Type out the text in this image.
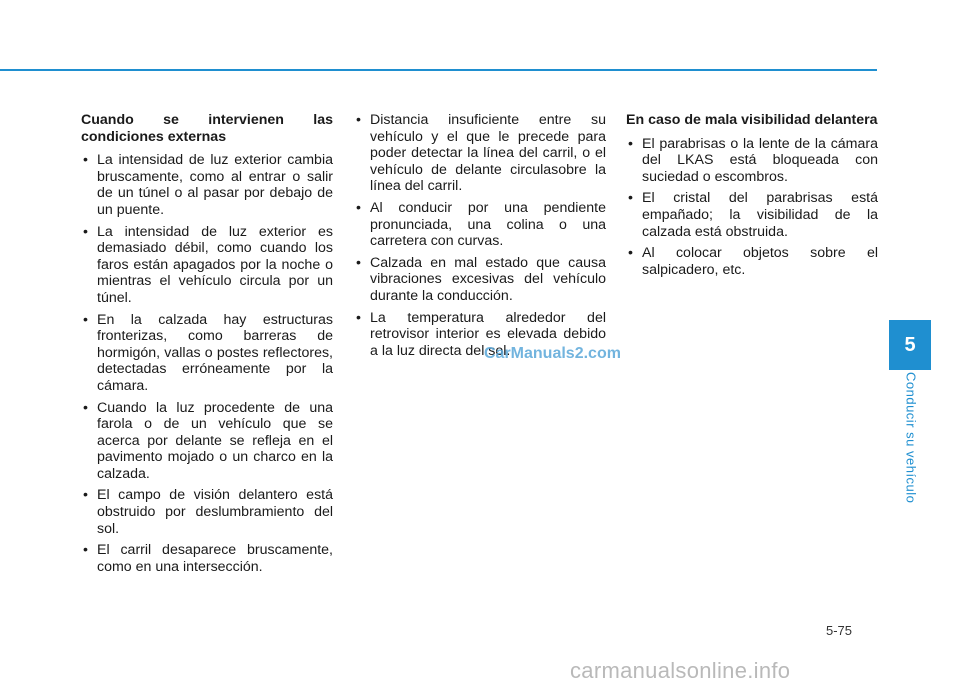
Cuando se intervienen las condiciones externas

• La intensidad de luz exterior cambia bruscamente, como al entrar o salir de un túnel o al pasar por debajo de un puente.
• La intensidad de luz exterior es demasiado débil, como cuando los faros están apagados por la noche o mientras el vehículo circula por un túnel.
• En la calzada hay estructuras fronterizas, como barreras de hormigón, vallas o postes reflectores, detectadas erróneamente por la cámara.
• Cuando la luz procedente de una farola o de un vehículo que se acerca por delante se refleja en el pavimento mojado o un charco en la calzada.
• El campo de visión delantero está obstruido por deslumbramiento del sol.
• El carril desaparece bruscamente, como en una intersección.
• Distancia insuficiente entre su vehículo y el que le precede para poder detectar la línea del carril, o el vehículo de delante circulasobre la línea del carril.
• Al conducir por una pendiente pronunciada, una colina o una carretera con curvas.
• Calzada en mal estado que causa vibraciones excesivas del vehículo durante la conducción.
• La temperatura alrededor del retrovisor interior es elevada debido a la luz directa del sol.

En caso de mala visibilidad delantera

• El parabrisas o la lente de la cámara del LKAS está bloqueada con suciedad o escombros.
• El cristal del parabrisas está empañado; la visibilidad de la calzada está obstruida.
• Al colocar objetos sobre el salpicadero, etc.
CarManuals2.com	5
Conducir su vehículo
5-75
carmanualsonline.info
